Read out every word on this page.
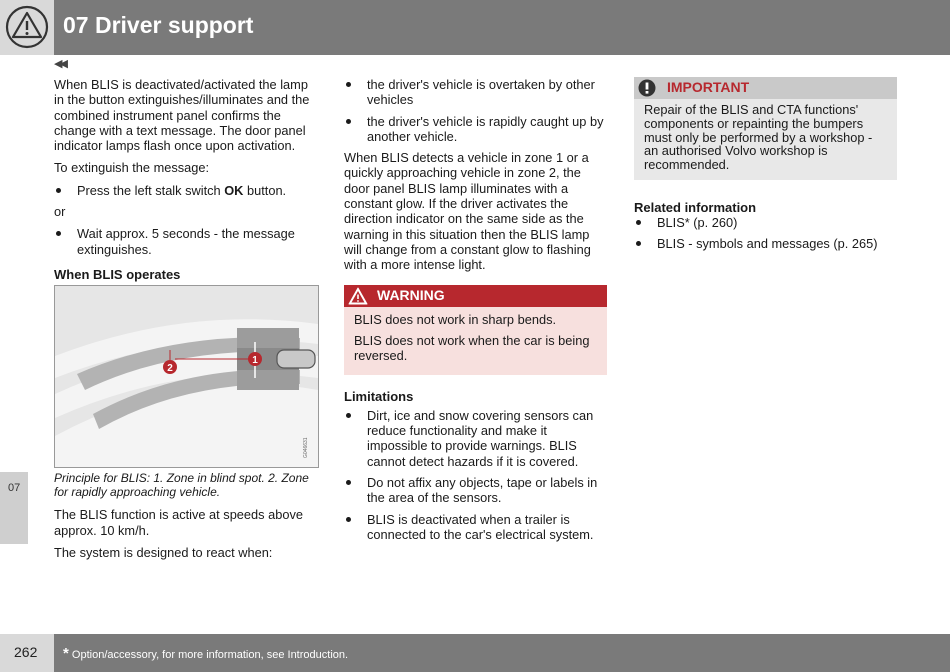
07 Driver support
◀◀
07

When BLIS is deactivated/activated the lamp in the button extinguishes/illuminates and the combined instrument panel confirms the change with a text message. The door panel indicator lamps flash once upon activation.

To extinguish the message:

Press the left stalk switch OK button.

or

Wait approx. 5 seconds - the message extinguishes.
When BLIS operates
1
2
G046631
Principle for BLIS: 1. Zone in blind spot. 2. Zone for rapidly approaching vehicle.

The BLIS function is active at speeds above approx. 10 km/h.

The system is designed to react when:

the driver's vehicle is overtaken by other vehicles
the driver's vehicle is rapidly caught up by another vehicle.

When BLIS detects a vehicle in zone 1 or a quickly approaching vehicle in zone 2, the door panel BLIS lamp illuminates with a constant glow. If the driver activates the direction indicator on the same side as the warning in this situation then the BLIS lamp will change from a constant glow to flashing with a more intense light.

WARNING

BLIS does not work in sharp bends.

BLIS does not work when the car is being reversed.

Limitations
Dirt, ice and snow covering sensors can reduce functionality and make it impossible to provide warnings. BLIS cannot detect hazards if it is covered.
Do not affix any objects, tape or labels in the area of the sensors.
BLIS is deactivated when a trailer is connected to the car's electrical system.
IMPORTANT
Repair of the BLIS and CTA functions' components or repainting the bumpers must only be performed by a workshop - an authorised Volvo workshop is recommended.
Related information
BLIS* (p. 260)
BLIS - symbols and messages (p. 265)
262 * Option/accessory, for more information, see Introduction.
